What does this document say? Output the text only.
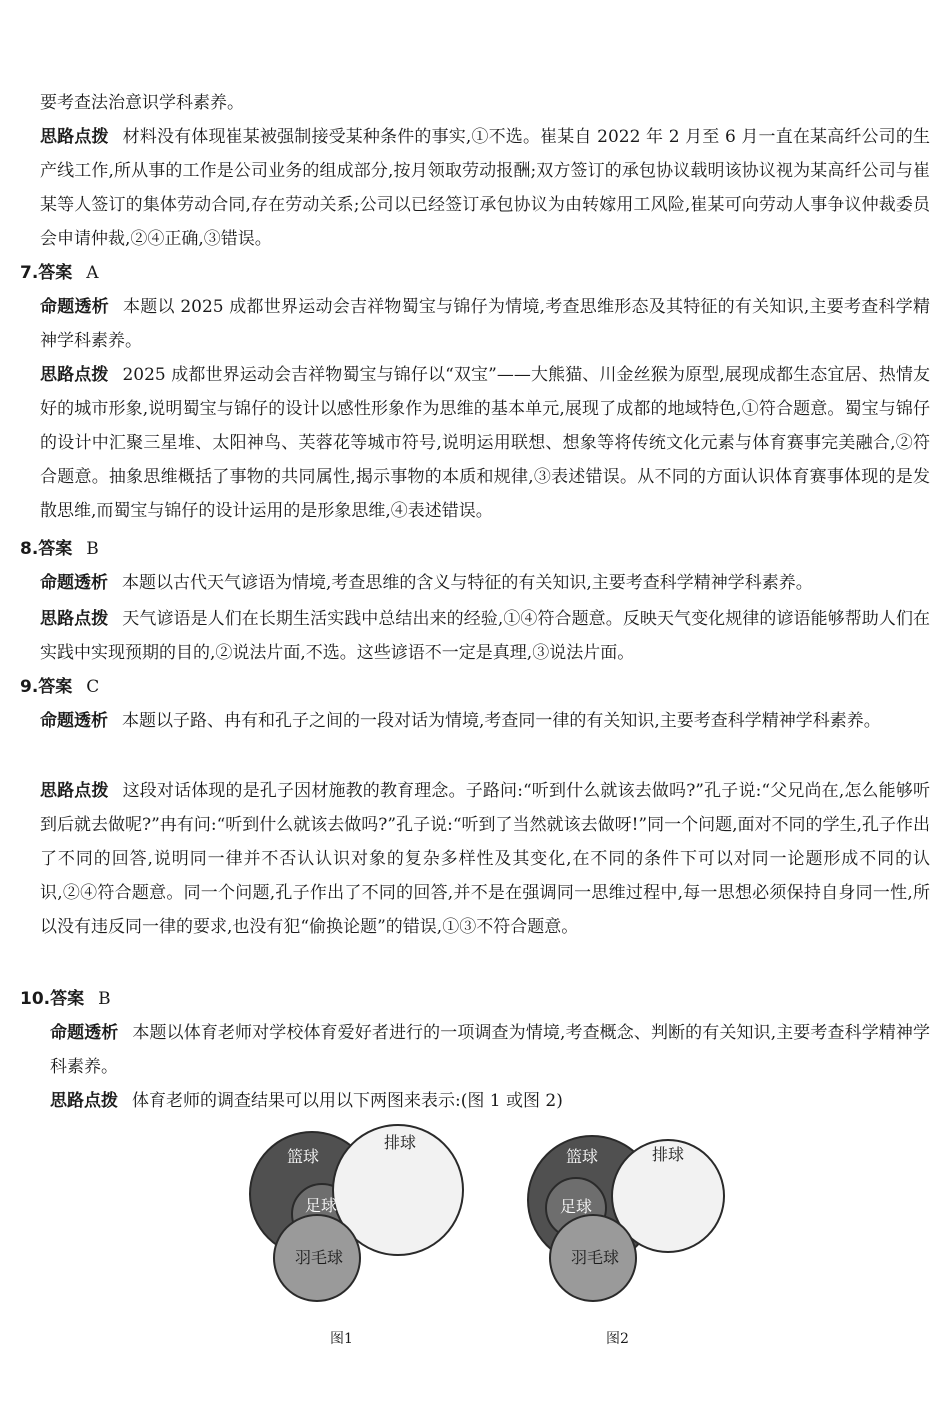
要考查法治意识学科素养。
思路点拨 材料没有体现崔某被强制接受某种条件的事实,①不选。崔某自 2022 年 2 月至 6 月一直在某高纤公司的生产线工作,所从事的工作是公司业务的组成部分,按月领取劳动报酬;双方签订的承包协议载明该协议视为某高纤公司与崔某等人签订的集体劳动合同,存在劳动关系;公司以已经签订承包协议为由转嫁用工风险,崔某可向劳动人事争议仲裁委员会申请仲裁,②④正确,③错误。
7.答案 A
命题透析 本题以 2025 成都世界运动会吉祥物蜀宝与锦仔为情境,考查思维形态及其特征的有关知识,主要考查科学精神学科素养。
思路点拨 2025 成都世界运动会吉祥物蜀宝与锦仔以“双宝”——大熊猫、川金丝猴为原型,展现成都生态宜居、热情友好的城市形象,说明蜀宝与锦仔的设计以感性形象作为思维的基本单元,展现了成都的地域特色,①符合题意。蜀宝与锦仔的设计中汇聚三星堆、太阳神鸟、芙蓉花等城市符号,说明运用联想、想象等将传统文化元素与体育赛事完美融合,②符合题意。抽象思维概括了事物的共同属性,揭示事物的本质和规律,③表述错误。从不同的方面认识体育赛事体现的是发散思维,而蜀宝与锦仔的设计运用的是形象思维,④表述错误。
8.答案 B
命题透析 本题以古代天气谚语为情境,考查思维的含义与特征的有关知识,主要考查科学精神学科素养。
思路点拨 天气谚语是人们在长期生活实践中总结出来的经验,①④符合题意。反映天气变化规律的谚语能够帮助人们在实践中实现预期的目的,②说法片面,不选。这些谚语不一定是真理,③说法片面。
9.答案 C
命题透析 本题以子路、冉有和孔子之间的一段对话为情境,考查同一律的有关知识,主要考查科学精神学科素养。
思路点拨 这段对话体现的是孔子因材施教的教育理念。子路问:“听到什么就该去做吗?”孔子说:“父兄尚在,怎么能够听到后就去做呢?”冉有问:“听到什么就该去做吗?”孔子说:“听到了当然就该去做呀!”同一个问题,面对不同的学生,孔子作出了不同的回答,说明同一律并不否认认识对象的复杂多样性及其变化,在不同的条件下可以对同一论题形成不同的认识,②④符合题意。同一个问题,孔子作出了不同的回答,并不是在强调同一思维过程中,每一思想必须保持自身同一性,所以没有违反同一律的要求,也没有犯“偷换论题”的错误,①③不符合题意。
10.答案 B
命题透析 本题以体育老师对学校体育爱好者进行的一项调查为情境,考查概念、判断的有关知识,主要考查科学精神学科素养。
思路点拨 体育老师的调查结果可以用以下两图来表示:(图 1 或图 2)
篮球
排球
足球
羽毛球
篮球	排球
足球
羽毛球
图1	图2
